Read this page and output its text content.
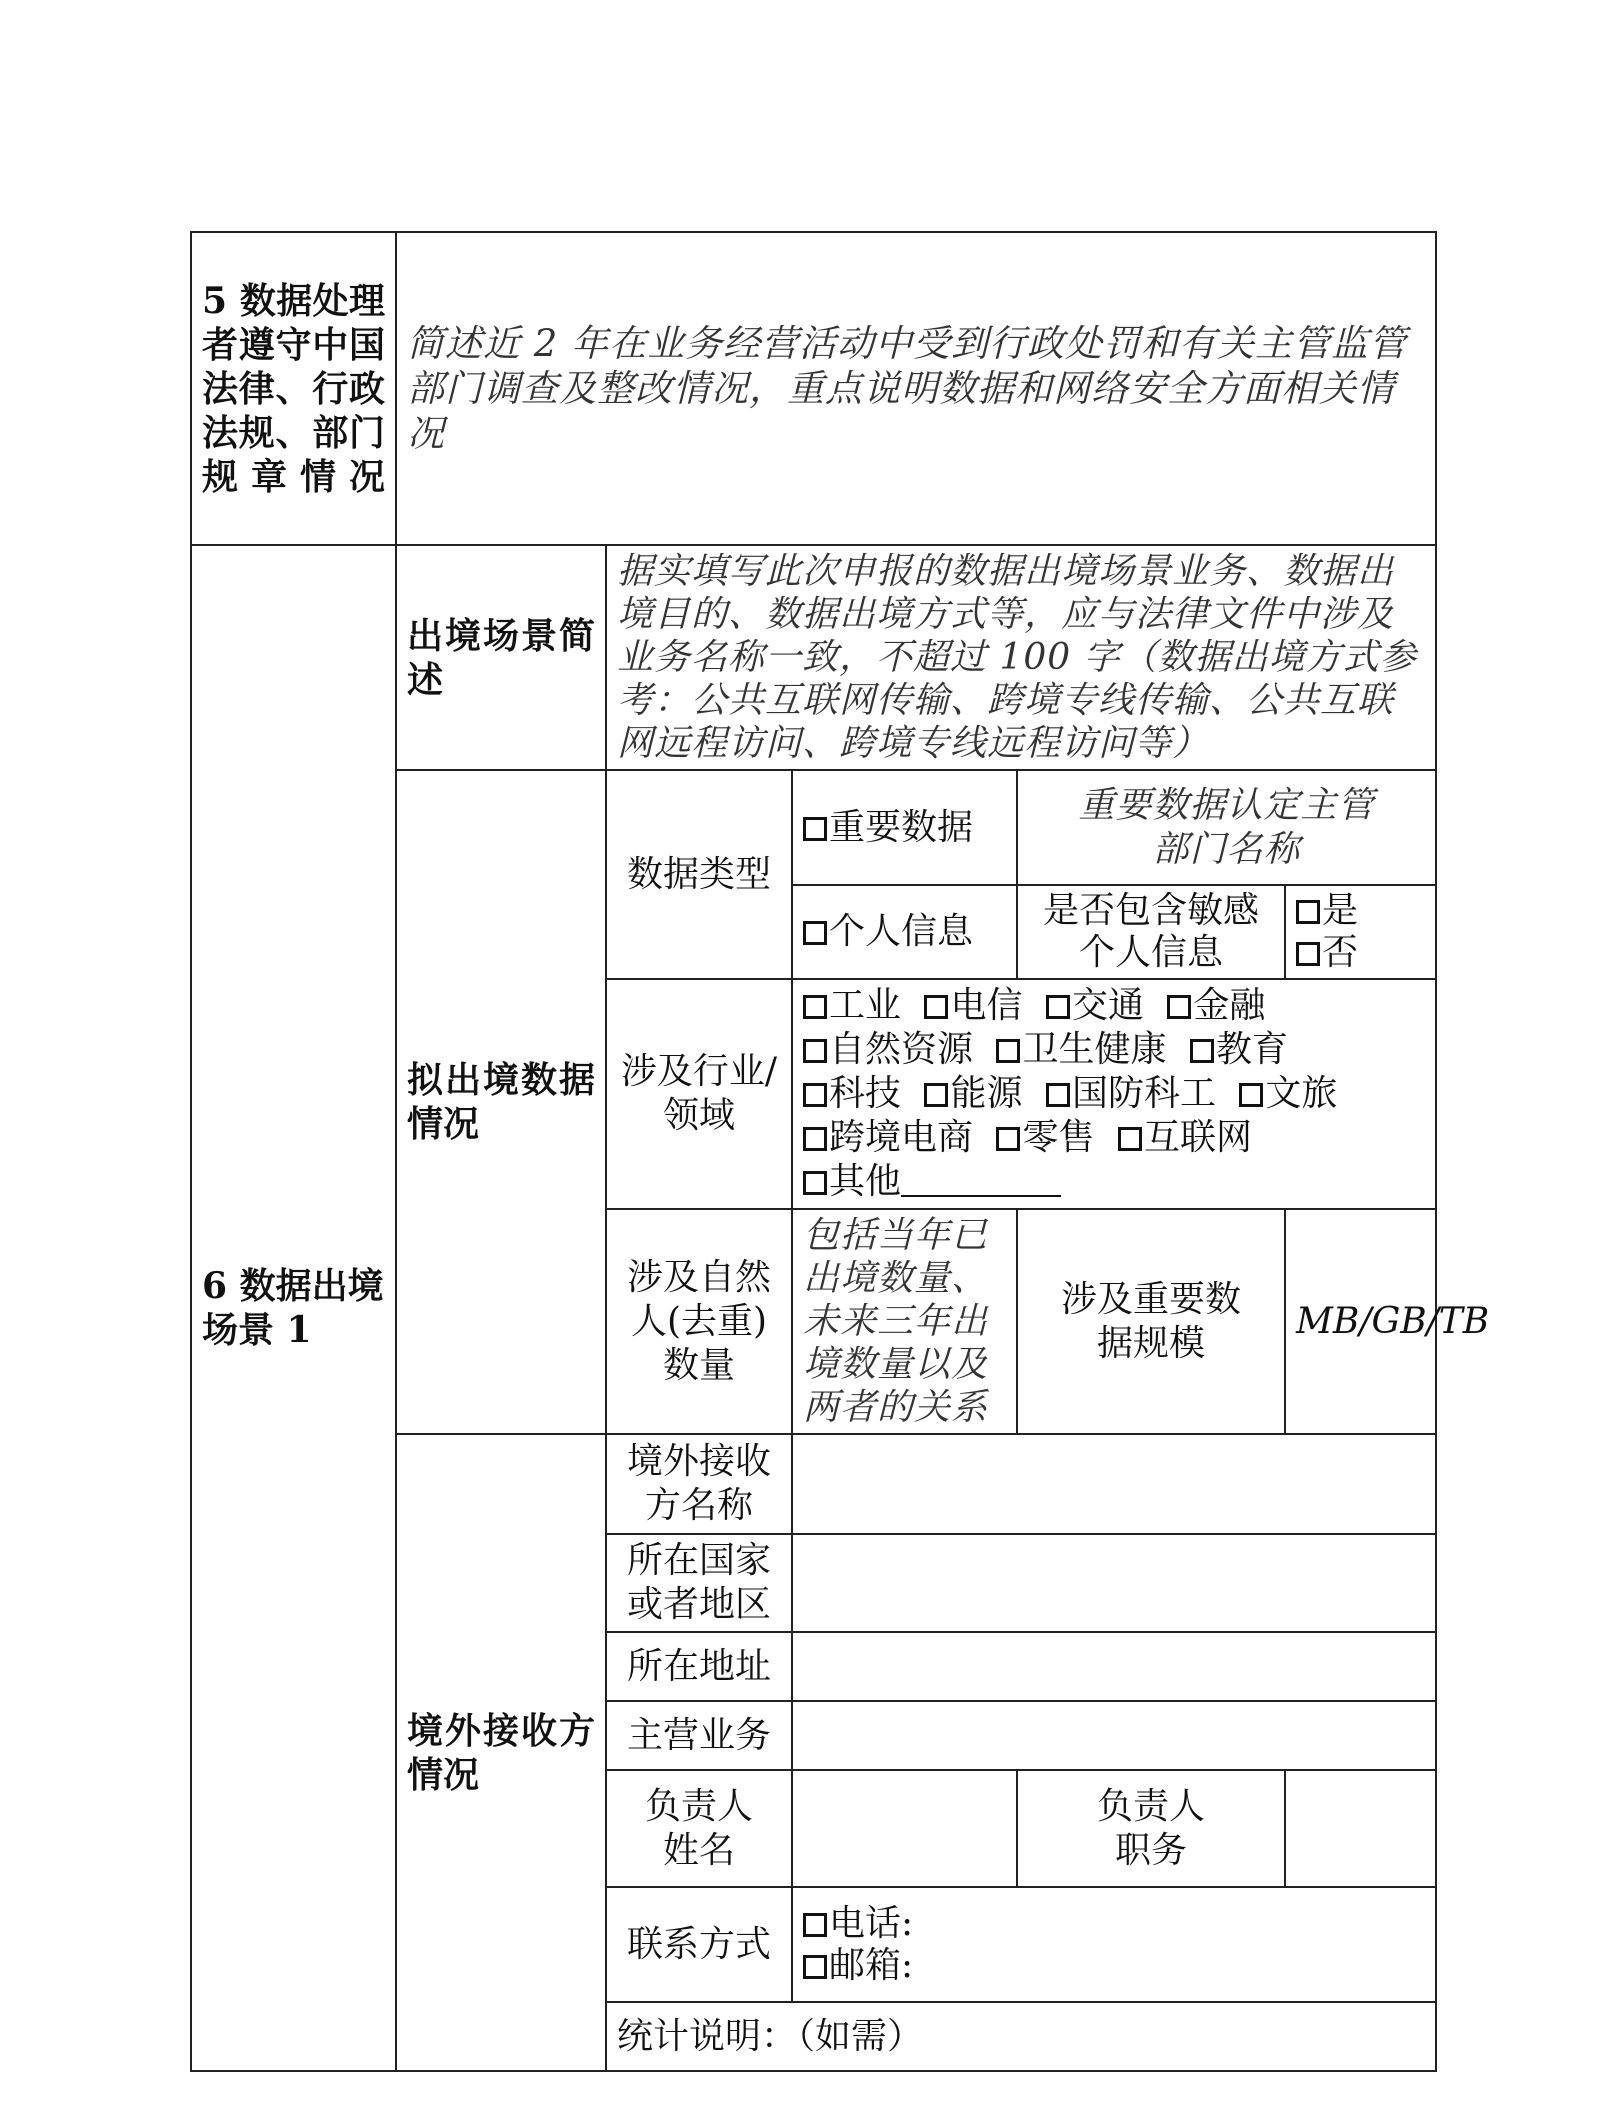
5 数据处理者遵守中国法律、行政法规、部门规章情况	简述近 2 年在业务经营活动中受到行政处罚和有关主管监管部门调查及整改情况，重点说明数据和网络安全方面相关情况				
6 数据出境场景 1	出境场景简述	据实填写此次申报的数据出境场景业务、数据出境目的、数据出境方式等，应与法律文件中涉及业务名称一致，不超过 100 字（数据出境方式参考：公共互联网传输、跨境专线传输、公共互联网远程访问、跨境专线远程访问等）			
	拟出境数据情况	数据类型	重要数据	重要数据认定主管部门名称	
			个人信息	是否包含敏感个人信息	是
否

		涉及行业/领域	工业 电信 交通 金融
自然资源 卫生健康 教育
科技 能源 国防科工 文旅
跨境电商 零售 互联网
其他		
		涉及自然人(去重)数量	包括当年已出境数量、未来三年出境数量以及两者的关系	涉及重要数据规模	MB/GB/TB
	境外接收方情况	境外接收方名称			
		所在国家或者地区			
		所在地址			
		主营业务			
		负责人姓名		负责人职务	
		联系方式	电话:
邮箱:		

		统计说明：（如需）			
